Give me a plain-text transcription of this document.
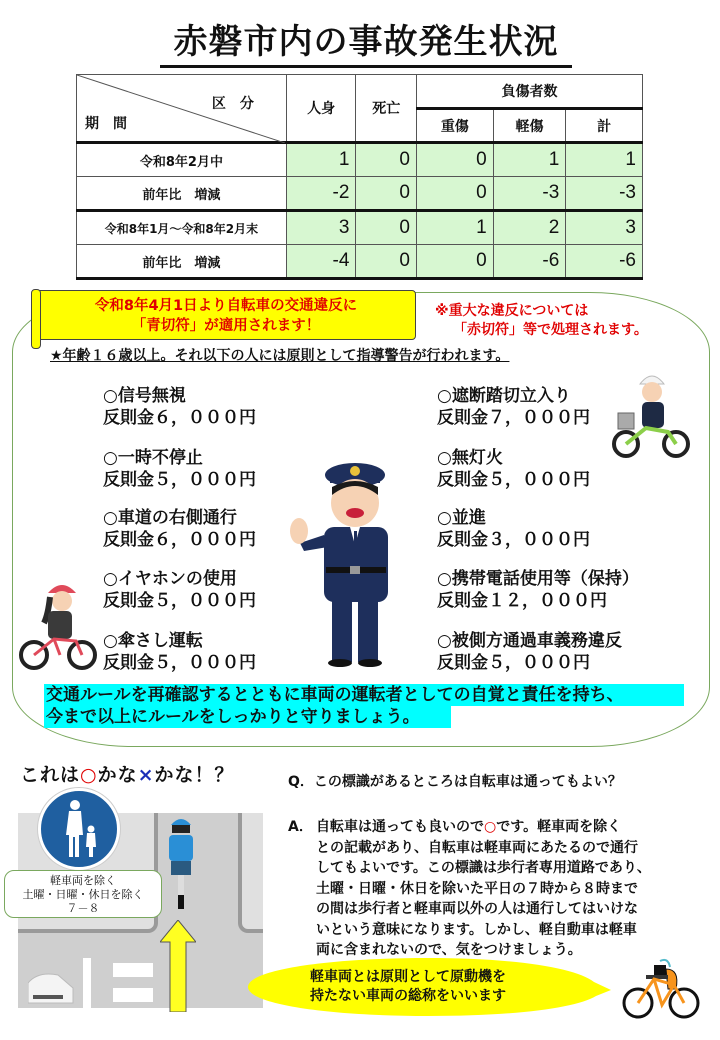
赤磐市内の事故発生状況
区分
期間	人身	死亡	負傷者数		
			重傷	軽傷	計
令和8年2月中	1	0	0	1	1
前年比　増減	-2	0	0	-3	-3
令和8年1月～令和8年2月末	3	0	1	2	3
前年比　増減	-4	0	0	-6	-6
令和8年4月1日より自転車の交通違反に
「青切符」が適用されます！
※重大な違反については
「赤切符」等で処理されます。
★年齢１６歳以上。それ以下の人には原則として指導警告が行われます。
○信号無視
反則金６，０００円
○一時不停止
反則金５，０００円
○車道の右側通行
反則金６，０００円
○イヤホンの使用
反則金５，０００円
○傘さし運転
反則金５，０００円
○遮断踏切立入り
反則金７，０００円
○無灯火
反則金５，０００円
○並進
反則金３，０００円
○携帯電話使用等（保持）
反則金１２，０００円
○被側方通過車義務違反
反則金５，０００円
交通ルールを再確認するとともに車両の運転者としての自覚と責任を持ち、
今まで以上にルールをしっかりと守りましょう。
これは○かな×かな！？
軽車両を除く
土曜・日曜・休日を除く
７－８
Q．この標識があるところは自転車は通ってもよい？
A． 自転車は通っても良いので○です。軽車両を除く
との記載があり、自転車は軽車両にあたるので通行
してもよいです。この標識は歩行者専用道路であり、
土曜・日曜・休日を除いた平日の７時から８時まで
の間は歩行者と軽車両以外の人は通行してはいけな
いという意味になります。しかし、軽自動車は軽車
両に含まれないので、気をつけましょう。
軽車両とは原則として原動機を
持たない車両の総称をいいます
